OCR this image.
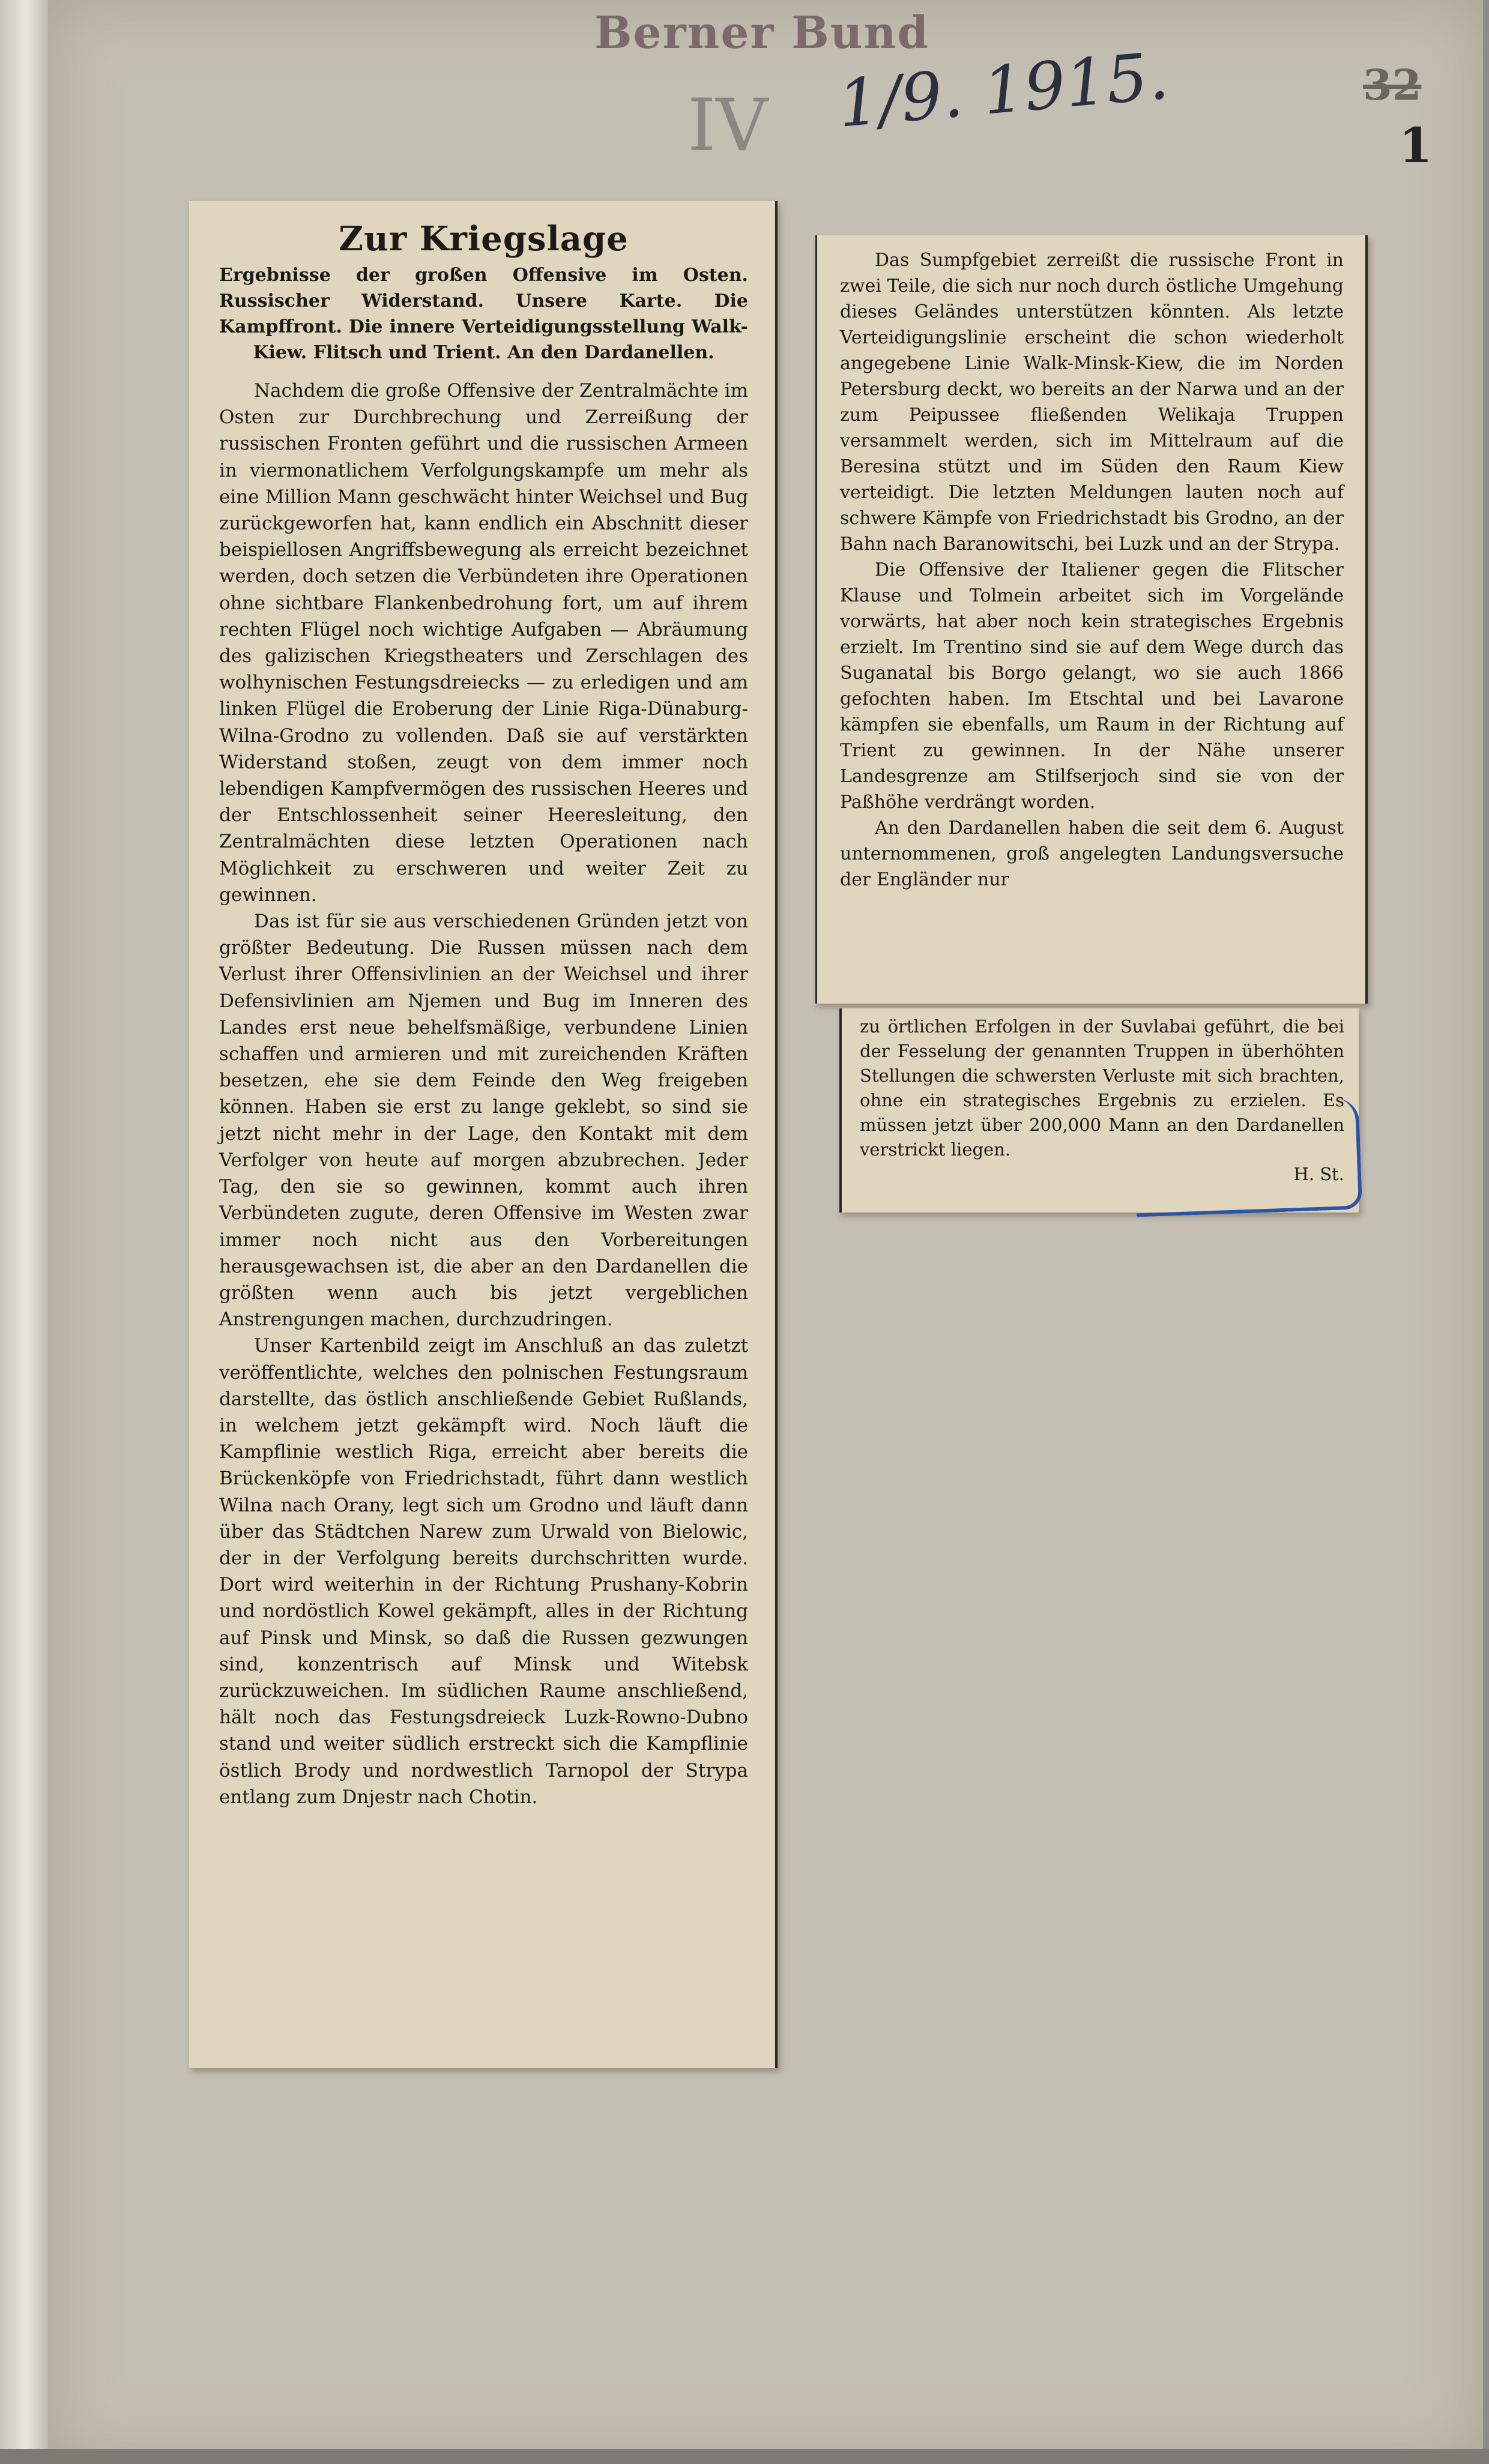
Berner Bund
1/9. 1915.
IV	32
1
Zur Kriegslage

Ergebnisse der großen Offensive im Osten. Russischer Widerstand. Unsere Karte. Die Kampffront. Die innere Verteidigungsstellung Walk-Kiew. Flitsch und Trient. An den Dardanellen.

Nachdem die große Offensive der Zentralmächte im Osten zur Durchbrechung und Zerreißung der russischen Fronten geführt und die russischen Armeen in viermonatlichem Verfolgungskampfe um mehr als eine Million Mann geschwächt hinter Weichsel und Bug zurückgeworfen hat, kann endlich ein Abschnitt dieser beispiellosen Angriffsbewegung als erreicht bezeichnet werden, doch setzen die Verbündeten ihre Operationen ohne sichtbare Flankenbedrohung fort, um auf ihrem rechten Flügel noch wichtige Aufgaben — Abräumung des galizischen Kriegstheaters und Zerschlagen des wolhynischen Festungsdreiecks — zu erledigen und am linken Flügel die Eroberung der Linie Riga-Dünaburg-Wilna-Grodno zu vollenden. Daß sie auf verstärkten Widerstand stoßen, zeugt von dem immer noch lebendigen Kampfvermögen des russischen Heeres und der Entschlossenheit seiner Heeresleitung, den Zentralmächten diese letzten Operationen nach Möglichkeit zu erschweren und weiter Zeit zu gewinnen.

Das ist für sie aus verschiedenen Gründen jetzt von größter Bedeutung. Die Russen müssen nach dem Verlust ihrer Offensivlinien an der Weichsel und ihrer Defensivlinien am Njemen und Bug im Inneren des Landes erst neue behelfsmäßige, verbundene Linien schaffen und armieren und mit zureichenden Kräften besetzen, ehe sie dem Feinde den Weg freigeben können. Haben sie erst zu lange geklebt, so sind sie jetzt nicht mehr in der Lage, den Kontakt mit dem Verfolger von heute auf morgen abzubrechen. Jeder Tag, den sie so gewinnen, kommt auch ihren Verbündeten zugute, deren Offensive im Westen zwar immer noch nicht aus den Vorbereitungen herausgewachsen ist, die aber an den Dardanellen die größten wenn auch bis jetzt vergeblichen Anstrengungen machen, durchzudringen.

Unser Kartenbild zeigt im Anschluß an das zuletzt veröffentlichte, welches den polnischen Festungsraum darstellte, das östlich anschließende Gebiet Rußlands, in welchem jetzt gekämpft wird. Noch läuft die Kampflinie westlich Riga, erreicht aber bereits die Brückenköpfe von Friedrichstadt, führt dann westlich Wilna nach Orany, legt sich um Grodno und läuft dann über das Städtchen Narew zum Urwald von Bielowic, der in der Verfolgung bereits durchschritten wurde. Dort wird weiterhin in der Richtung Prushany-Kobrin und nordöstlich Kowel gekämpft, alles in der Richtung auf Pinsk und Minsk, so daß die Russen gezwungen sind, konzentrisch auf Minsk und Witebsk zurückzuweichen. Im südlichen Raume anschließend, hält noch das Festungsdreieck Luzk-Rowno-Dubno stand und weiter südlich erstreckt sich die Kampflinie östlich Brody und nordwestlich Tarnopol der Strypa entlang zum Dnjestr nach Chotin.

Das Sumpfgebiet zerreißt die russische Front in zwei Teile, die sich nur noch durch östliche Umgehung dieses Geländes unterstützen könnten. Als letzte Verteidigungslinie erscheint die schon wiederholt angegebene Linie Walk-Minsk-Kiew, die im Norden Petersburg deckt, wo bereits an der Narwa und an der zum Peipussee fließenden Welikaja Truppen versammelt werden, sich im Mittelraum auf die Beresina stützt und im Süden den Raum Kiew verteidigt. Die letzten Meldungen lauten noch auf schwere Kämpfe von Friedrichstadt bis Grodno, an der Bahn nach Baranowitschi, bei Luzk und an der Strypa.

Die Offensive der Italiener gegen die Flitscher Klause und Tolmein arbeitet sich im Vorgelände vorwärts, hat aber noch kein strategisches Ergebnis erzielt. Im Trentino sind sie auf dem Wege durch das Suganatal bis Borgo gelangt, wo sie auch 1866 gefochten haben. Im Etschtal und bei Lavarone kämpfen sie ebenfalls, um Raum in der Richtung auf Trient zu gewinnen. In der Nähe unserer Landesgrenze am Stilfserjoch sind sie von der Paßhöhe verdrängt worden.

An den Dardanellen haben die seit dem 6. August unternommenen, groß angelegten Landungsversuche der Engländer nur

zu örtlichen Erfolgen in der Suvlabai geführt, die bei der Fesselung der genannten Truppen in überhöhten Stellungen die schwersten Verluste mit sich brachten, ohne ein strategisches Ergebnis zu erzielen. Es müssen jetzt über 200,000 Mann an den Dardanellen verstrickt liegen.

H. St.
